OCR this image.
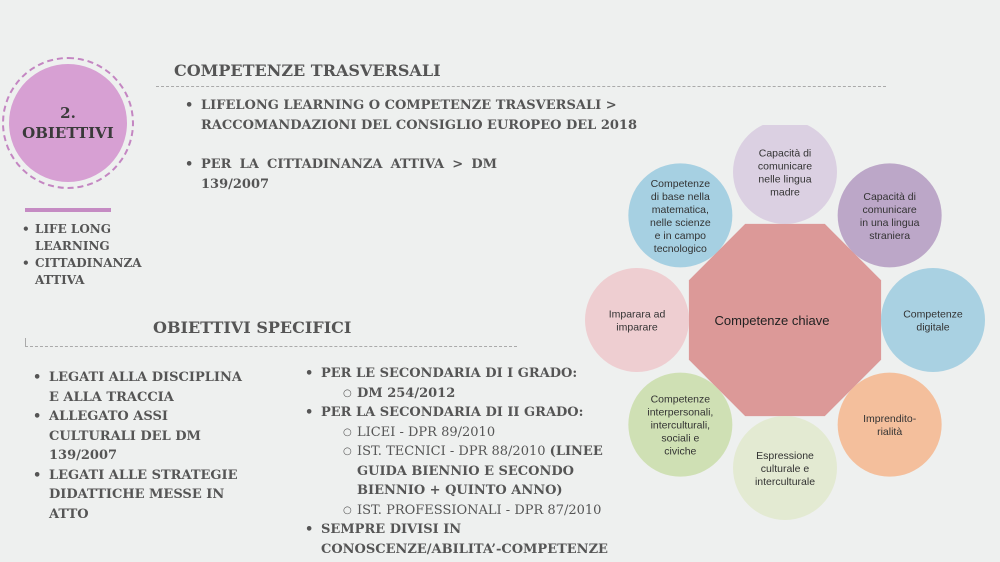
2.
OBIETTIVI
• LIFE LONG LEARNING
• CITTADINANZA ATTIVA
COMPETENZE TRASVERSALI
• LIFELONG LEARNING O COMPETENZE TRASVERSALI > RACCOMANDAZIONI DEL CONSIGLIO EUROPEO DEL 2018
• PER LA CITTADINANZA ATTIVA > DM 139/2007
OBIETTIVI SPECIFICI
• LEGATI ALLA DISCIPLINA E ALLA TRACCIA
• ALLEGATO ASSI CULTURALI DEL DM 139/2007
• LEGATI ALLE STRATEGIE DIDATTICHE MESSE IN ATTO
• PER LE SECONDARIA DI I GRADO:
○ DM 254/2012
• PER LA SECONDARIA DI II GRADO:
○ LICEI - DPR 89/2010
○ IST. TECNICI - DPR 88/2010 (LINEE GUIDA BIENNIO E SECONDO BIENNIO + QUINTO ANNO)
○ IST. PROFESSIONALI - DPR 87/2010
• SEMPRE DIVISI IN CONOSCENZE/ABILITA’-COMPETENZE
Capacità di
comunicare
nelle lingua
madre	Capacità di
comunicare
in una lingua
straniera
Competenze
digitale
Imprendito-
rialità
Espressione
culturale e
interculturale
Competenze
interpersonali,
interculturali,
sociali e
civiche
Imparara ad
imparare
Competenze
di base nella
matematica,
nelle scienze
e in campo
tecnologico
Competenze chiave
